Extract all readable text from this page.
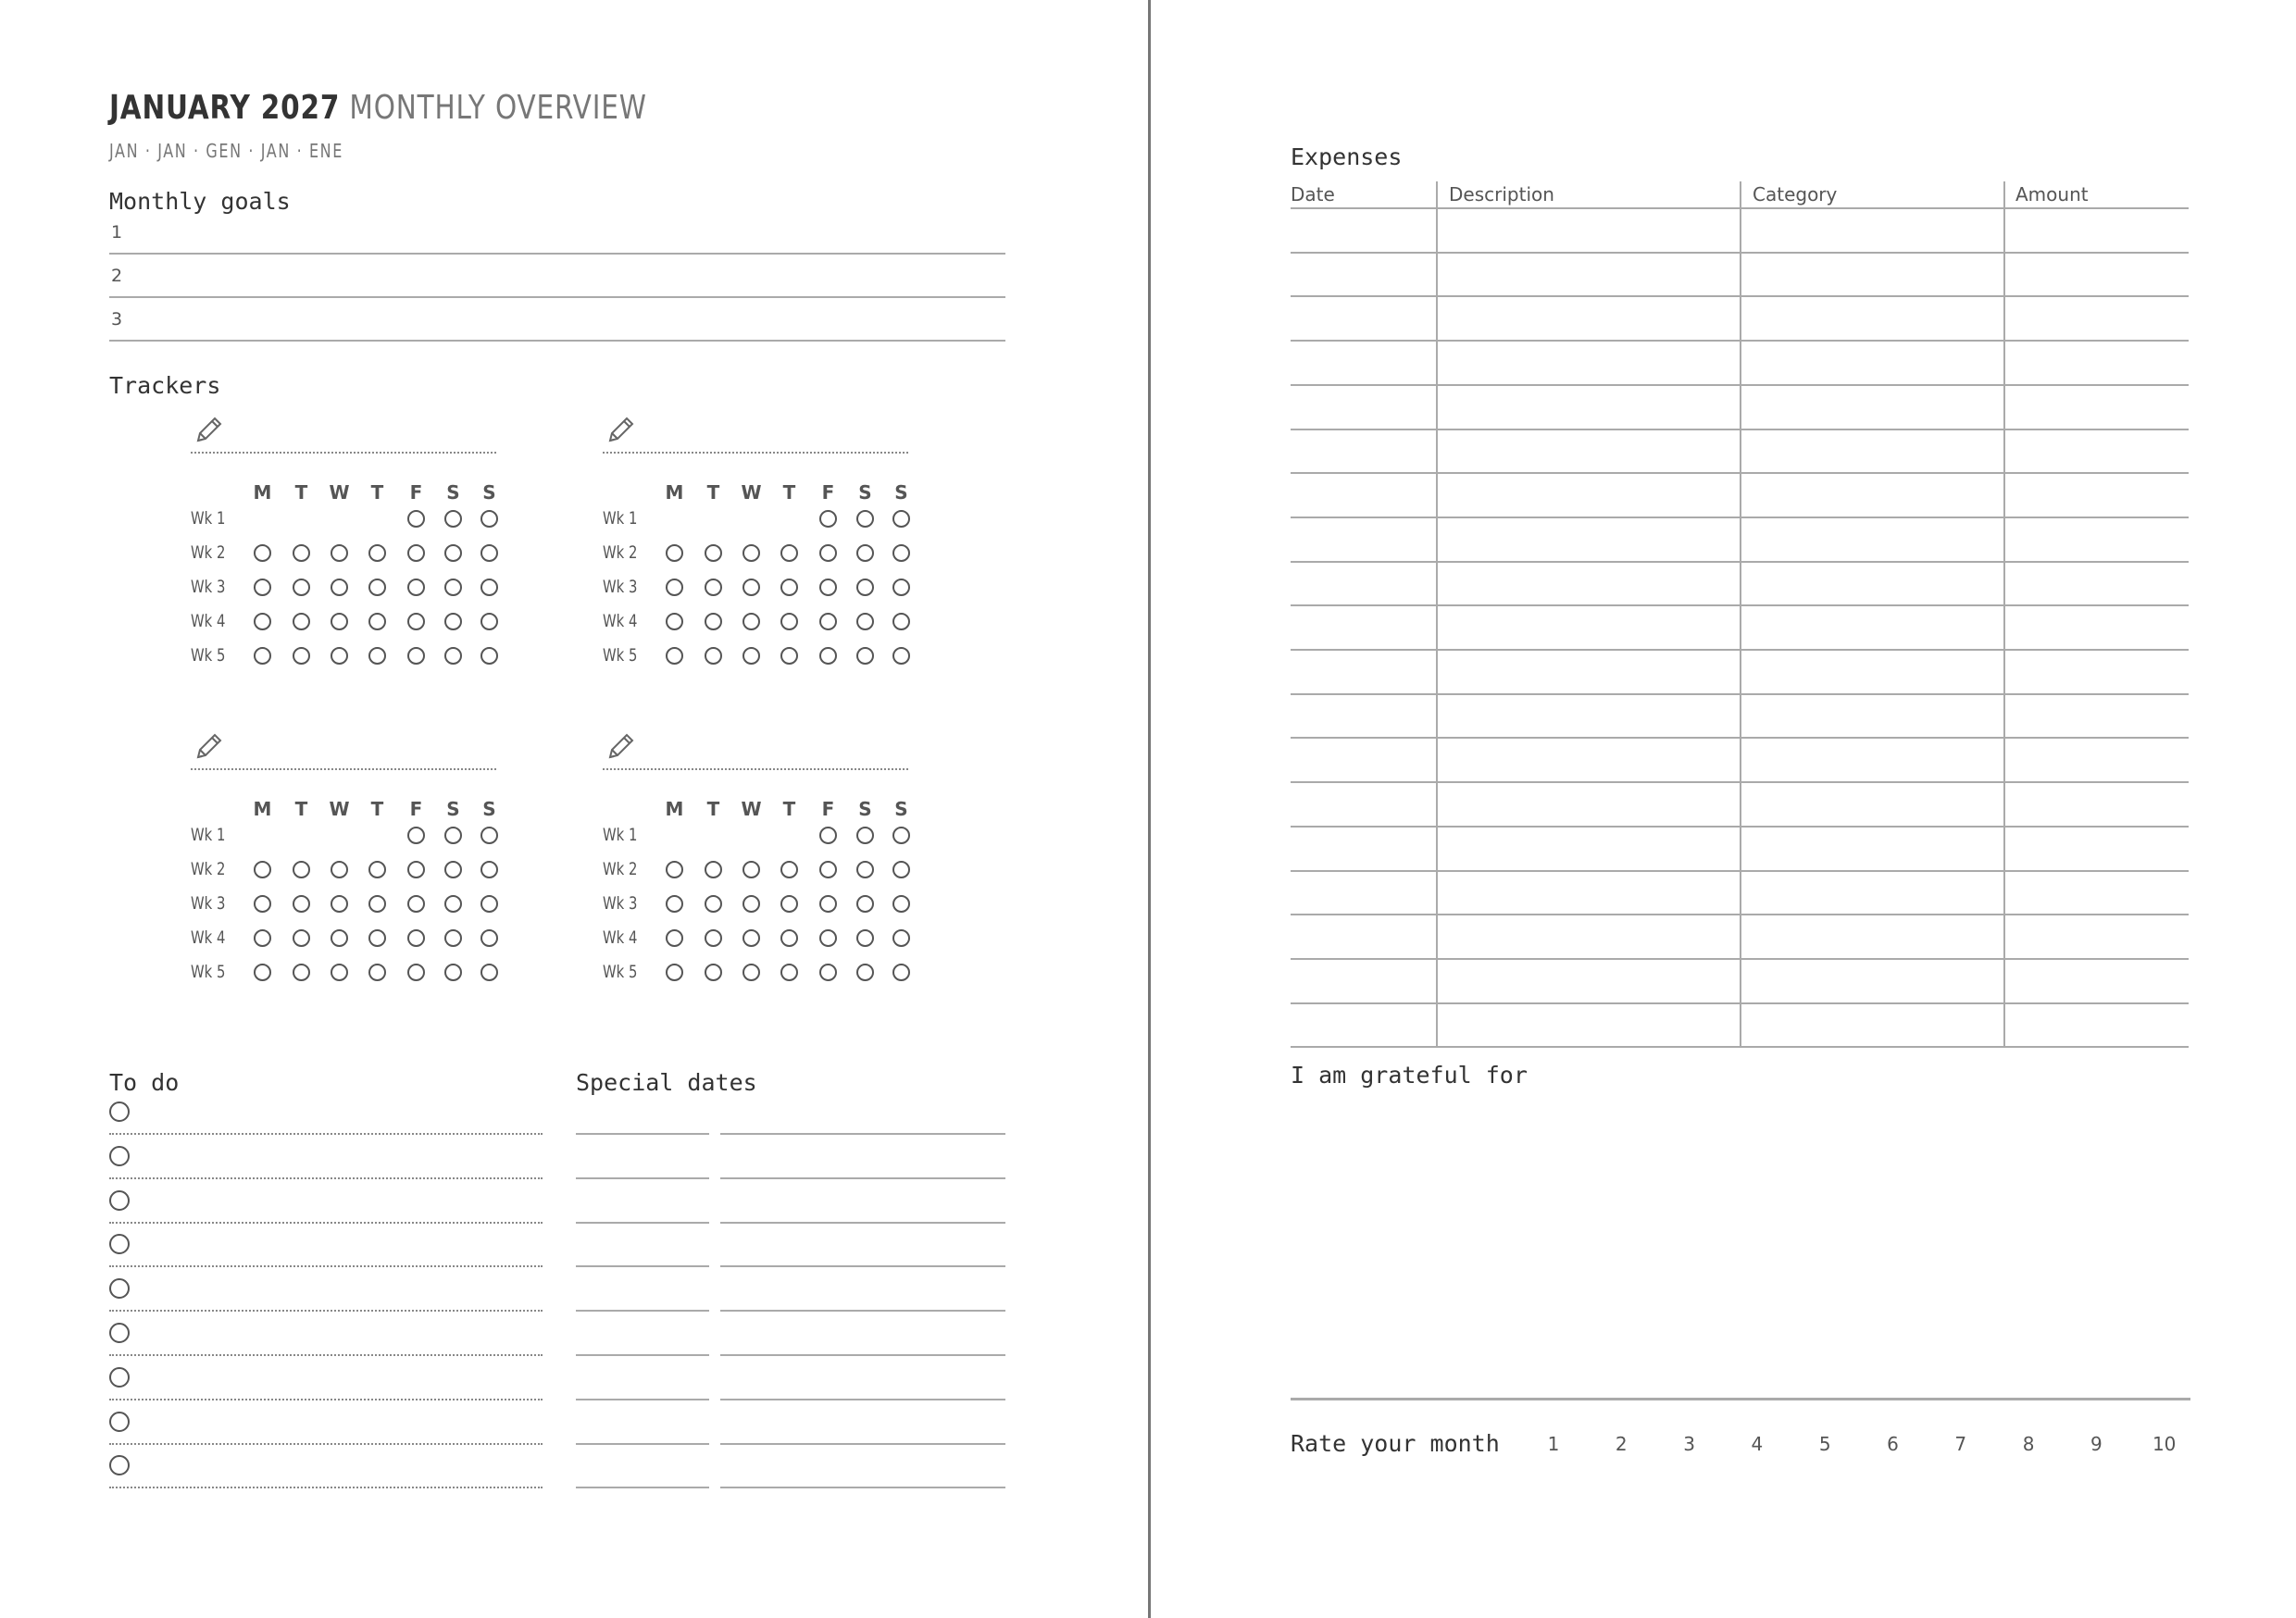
JANUARY 2027 MONTHLY OVERVIEW
JAN · JAN · GEN · JAN · ENE
Monthly goals
1
2
3
Trackers
M	T	W	T	F	S	S
Wk 1
Wk 2
Wk 3
Wk 4
Wk 5
M	T	W	T	F	S	S
Wk 1
Wk 2
Wk 3
Wk 4
Wk 5
M	T	W	T	F	S	S
Wk 1
Wk 2
Wk 3
Wk 4
Wk 5
M	T	W	T	F	S	S
Wk 1
Wk 2
Wk 3
Wk 4
Wk 5
To do	Special dates
Expenses
Date	Description	Category	Amount
I am grateful for
Rate your month	1	2	3	4	5	6	7	8	9	10
